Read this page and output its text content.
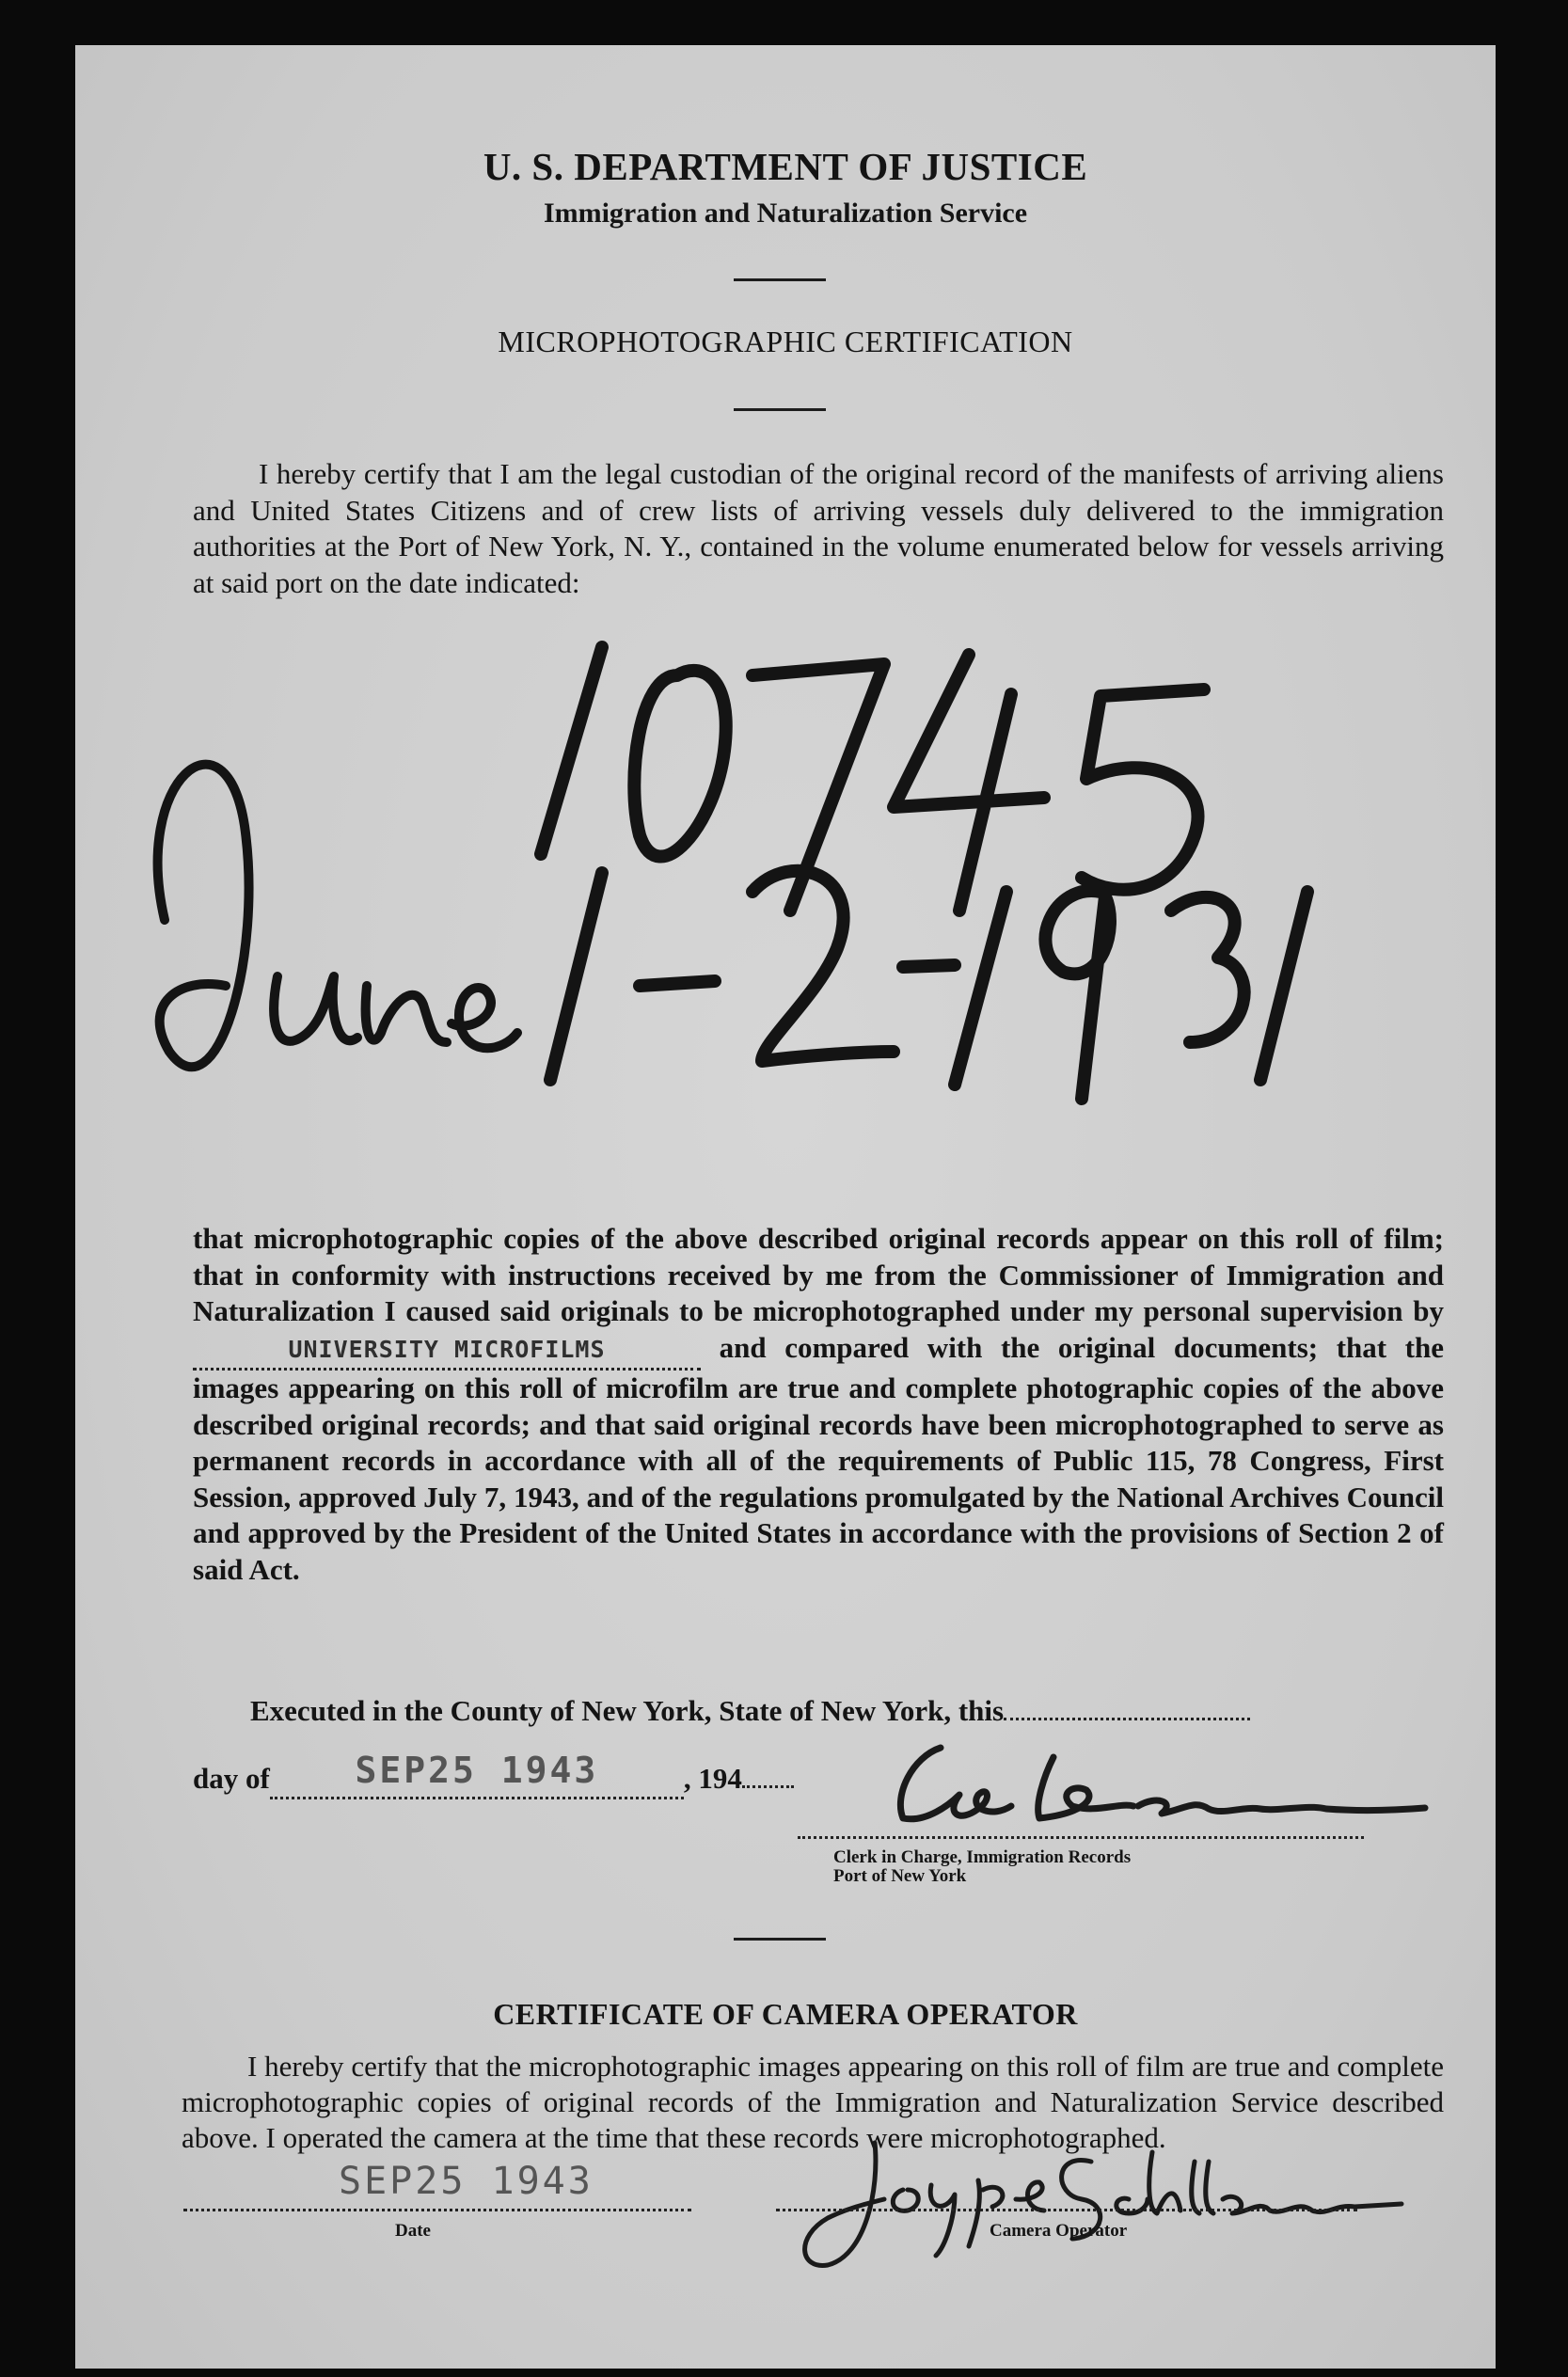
U. S. DEPARTMENT OF JUSTICE
Immigration and Naturalization Service
MICROPHOTOGRAPHIC CERTIFICATION
I hereby certify that I am the legal custodian of the original record of the manifests of arriving aliens and United States Citizens and of crew lists of arriving vessels duly delivered to the immigration authorities at the Port of New York, N. Y., contained in the volume enumerated below for vessels arriving at said port on the date indicated:
that microphotographic copies of the above described original records appear on this roll of film; that in conformity with instructions received by me from the Commissioner of Immigration and Naturalization I caused said originals to be microphotographed under my personal supervision by UNIVERSITY MICROFILMS	and compared with the original documents; that the images appearing on this roll of microfilm are true and complete photographic copies of the above described original records; and that said original records have been microphotographed to serve as permanent records in accordance with all of the requirements of Public 115, 78 Congress, First Session, approved July 7, 1943, and of the regulations promulgated by the National Archives Council and approved by the President of the United States in accordance with the provisions of Section 2 of said Act.
Executed in the County of New York, State of New York, this
day of SEP25 1943	, 194
Clerk in Charge, Immigration Records
Port of New York
CERTIFICATE OF CAMERA OPERATOR
I hereby certify that the microphotographic images appearing on this roll of film are true and complete microphotographic copies of original records of the Immigration and Naturalization Service described above. I operated the camera at the time that these records were microphotographed.
SEP25 1943
Date	Camera Operator
